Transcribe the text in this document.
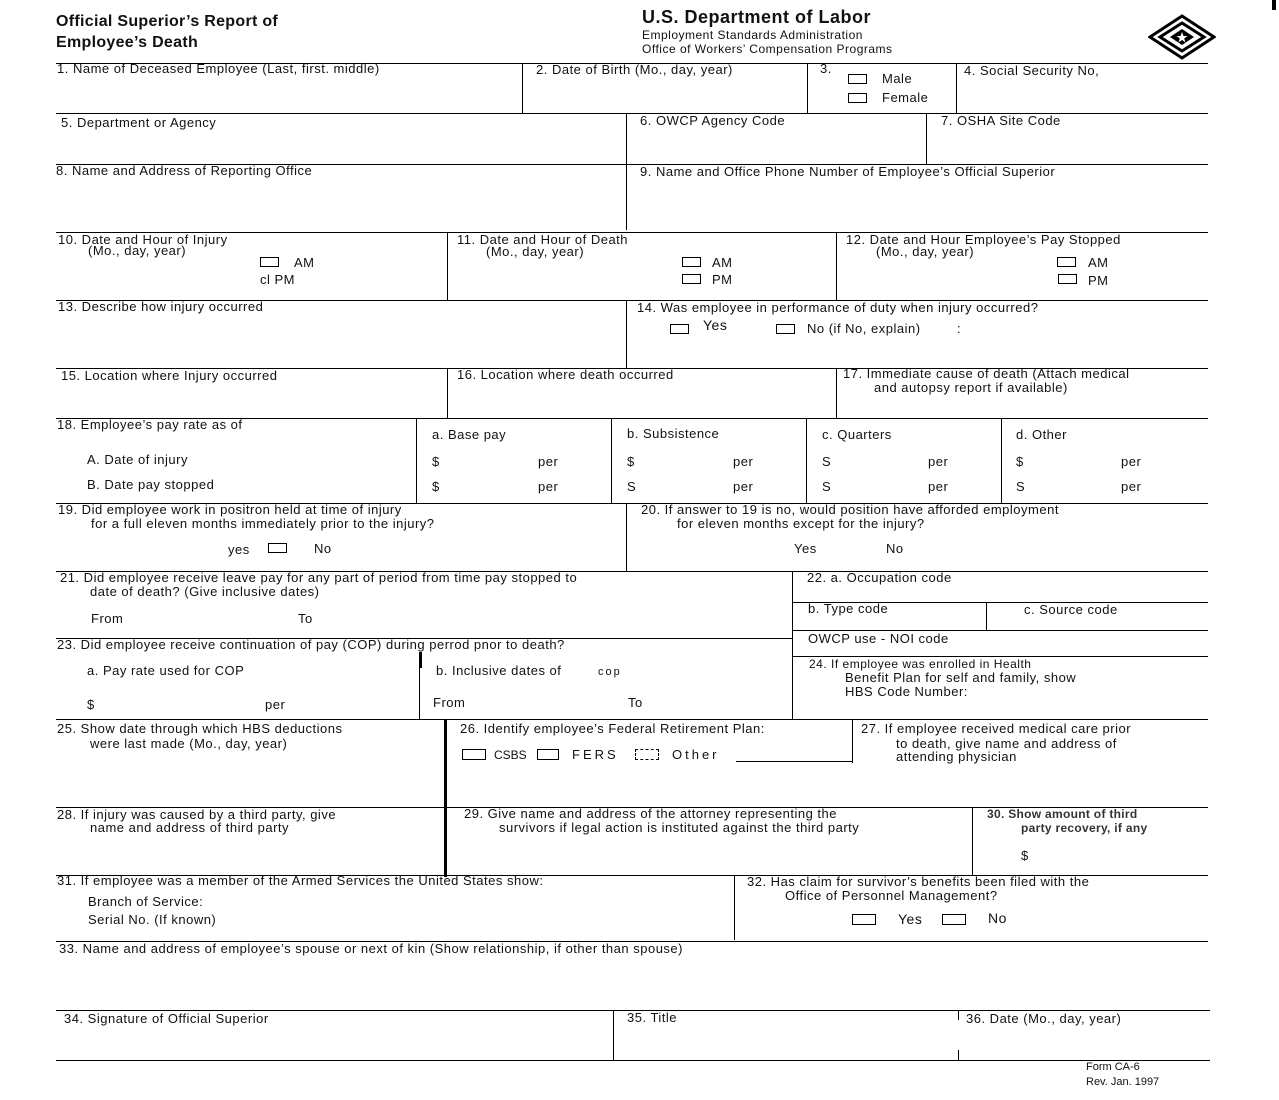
Official Superior’s Report of
Employee’s Death
U.S. Department of Labor
Employment Standards Administration
Office of Workers’ Compensation Programs
1. Name of Deceased Employee (Last, first. middle)	2. Date of Birth (Mo., day, year)	3.
Male
Female
4. Social Security No,
5. Department or Agency	6. OWCP Agency Code	7. OSHA Site Code
8. Name and Address of Reporting Office	9. Name and Office Phone Number of Employee’s Official Superior
10. Date and Hour of Injury
(Mo., day, year)
AM
cl PM
11. Date and Hour of Death
(Mo., day, year)
AM
PM
12. Date and Hour Employee’s Pay Stopped
(Mo., day, year)
AM
PM
13. Describe how injury occurred	14. Was employee in performance of duty when injury occurred?
Yes	No (if No, explain)	:
15. Location where Injury occurred	16. Location where death occurred	17. Immediate cause of death (Attach medical
and autopsy report if available)
18. Employee’s pay rate as of
A. Date of injury
B. Date pay stopped
a. Base pay	b. Subsistence	c. Quarters	d. Other
$	per	$	per	S	per	$	per
$	per	S	per	S	per	S	per
19. Did employee work in positron held at time of injury
for a full eleven months immediately prior to the injury?
yes	No
20. If answer to 19 is no, would position have afforded employment
for eleven months except for the injury?
Yes	No
21. Did employee receive leave pay for any part of period from time pay stopped to
date of death? (Give inclusive dates)
From	To
22. a. Occupation code
b. Type code	c. Source code
OWCP use - NOI code
23. Did employee receive continuation of pay (COP) during perrod pnor to death?
a. Pay rate used for COP
$	per
b. Inclusive dates of	cop
From	To
24. If employee was enrolled in Health
Benefit Plan for self and family, show
HBS Code Number:
25. Show date through which HBS deductions
were last made (Mo., day, year)
26. Identify employee’s Federal Retirement Plan:
CSBS	FERS	Other
27. If employee received medical care prior
to death, give name and address of
attending physician
28. If injury was caused by a third party, give
name and address of third party
29. Give name and address of the attorney representing the
survivors if legal action is instituted against the third party
30. Show amount of third
party recovery, if any
$
31. If employee was a member of the Armed Services the United States show:
Branch of Service:
Serial No. (If known)
32. Has claim for survivor’s benefits been filed with the
Office of Personnel Management?
Yes	No
33. Name and address of employee’s spouse or next of kin (Show relationship, if other than spouse)
34. Signature of Official Superior	35. Title	36. Date (Mo., day, year)
Form CA-6
Rev. Jan. 1997
